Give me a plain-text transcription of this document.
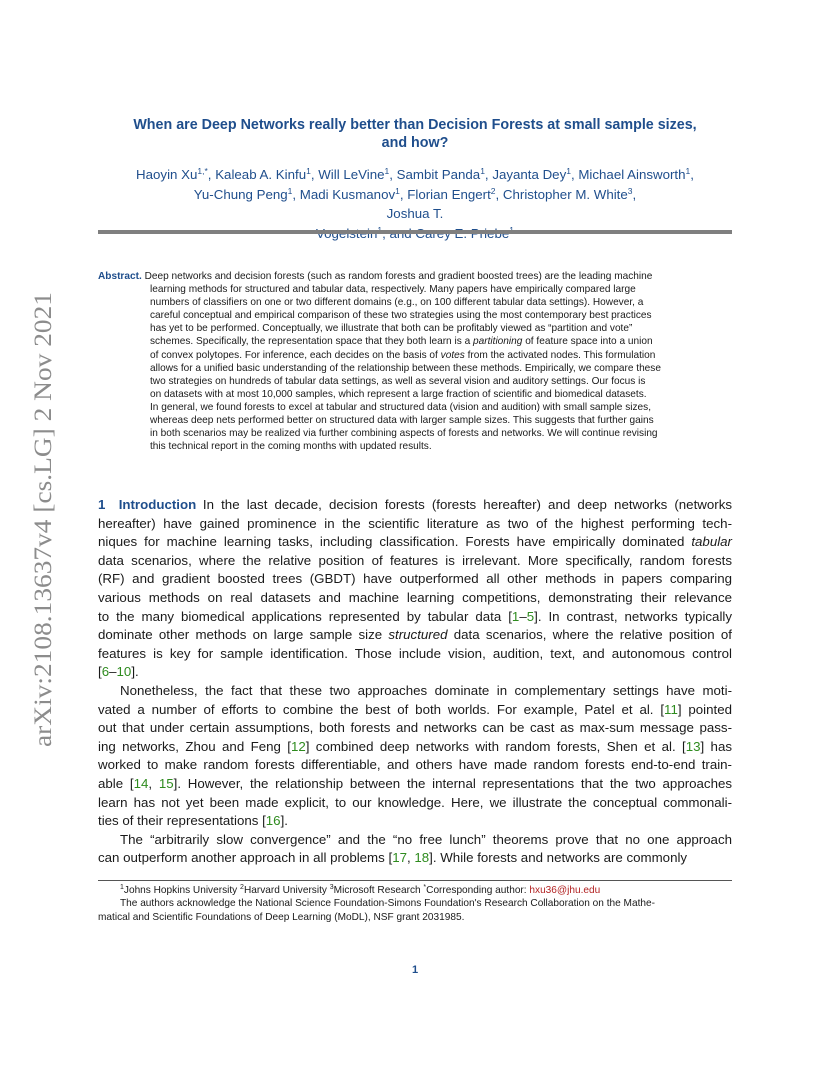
arXiv:2108.13637v4 [cs.LG] 2 Nov 2021
When are Deep Networks really better than Decision Forests at small sample sizes,
and how?
Haoyin $Xu^{1,*}$, Kaleab A. Kinfu$^1$, Will LeVine$^1$, Sambit Panda$^1$, Jayanta Dey$^1$, Michael Ainsworth$^1$,
Yu-Chung Peng$^1$, Madi Kusmanov$^1$, Florian Engert$^2$, Christopher M. White$^3$,
Joshua T.

Abstract. Deep networks and decision forests (such as random forests and gradient boosted trees) are the leading machine
learning methods for structured and tabular data, respectively. Many papers have empirically compared large
numbers of classifiers on one or two different domains (e.g., on 100 different tabular data settings). However, a
careful conceptual and empirical comparison of these two strategies using the most contemporary best practices
has yet to be performed. Conceptually, we illustrate that both can be profitably viewed as “partition and vote”
schemes. Specifically, the representation space that they both learn is a partitioning of feature space into a union
of convex polytopes. For inference, each decides on the basis of votes from the activated nodes. This formulation
allows for a unified basic understanding of the relationship between these methods. Empirically, we compare these
two strategies on hundreds of tabular data settings, as well as several vision and auditory settings. Our focus is
on datasets with at most 10,000 samples, which represent a large fraction of scientific and biomedical datasets.
In general, we found forests to excel at tabular and structured data (vision and audition) with small sample sizes,
whereas deep nets performed better on structured data with larger sample sizes. This suggests that further gains
in both scenarios may be realized via further combining aspects of forests and networks. We will continue revising
this technical report in the coming months with updated results.
1  Introduction  In the last decade, decision forests (forests hereafter) and deep networks (networks
hereafter) have gained prominence in the scientific literature as two of the highest performing tech-
niques for machine learning tasks, including classification. Forests have empirically dominated tabular
data scenarios, where the relative position of features is irrelevant. More specifically, random forests
(RF) and gradient boosted trees (GBDT) have outperformed all other methods in papers comparing
various methods on real datasets and machine learning competitions, demonstrating their relevance
to the many biomedical applications represented by tabular data [1–5]. In contrast, networks typically
dominate other methods on large sample size structured data scenarios, where the relative position of
features is key for sample identification. Those include vision, audition, text, and autonomous control
[6–10].
Nonetheless, the fact that these two approaches dominate in complementary settings have moti-
vated a number of efforts to combine the best of both worlds. For example, Patel et al. [11] pointed
out that under certain assumptions, both forests and networks can be cast as max-sum message pass-
ing networks, Zhou and Feng [12] combined deep networks with random forests, Shen et al. [13] has
worked to make random forests differentiable, and others have made random forests end-to-end train-
able [14, 15]. However, the relationship between the internal representations that the two approaches
learn has not yet been made explicit, to our knowledge. Here, we illustrate the conceptual commonali-
ties of their representations [16].
The “arbitrarily slow convergence” and the “no free lunch” theorems prove that no one approach
can outperform another approach in all problems [17, 18]. While forests and networks are commonly
$^1$Johns Hopkins University $^2$Harvard University $^3$Microsoft Research *Corresponding author: hxu36@jhu.edu
The authors acknowledge the National Science Foundation-Simons Foundation's Research Collaboration on the Mathe-
matical and Scientific Foundations of Deep Learning (MoDL), NSF grant 2031985.
1
